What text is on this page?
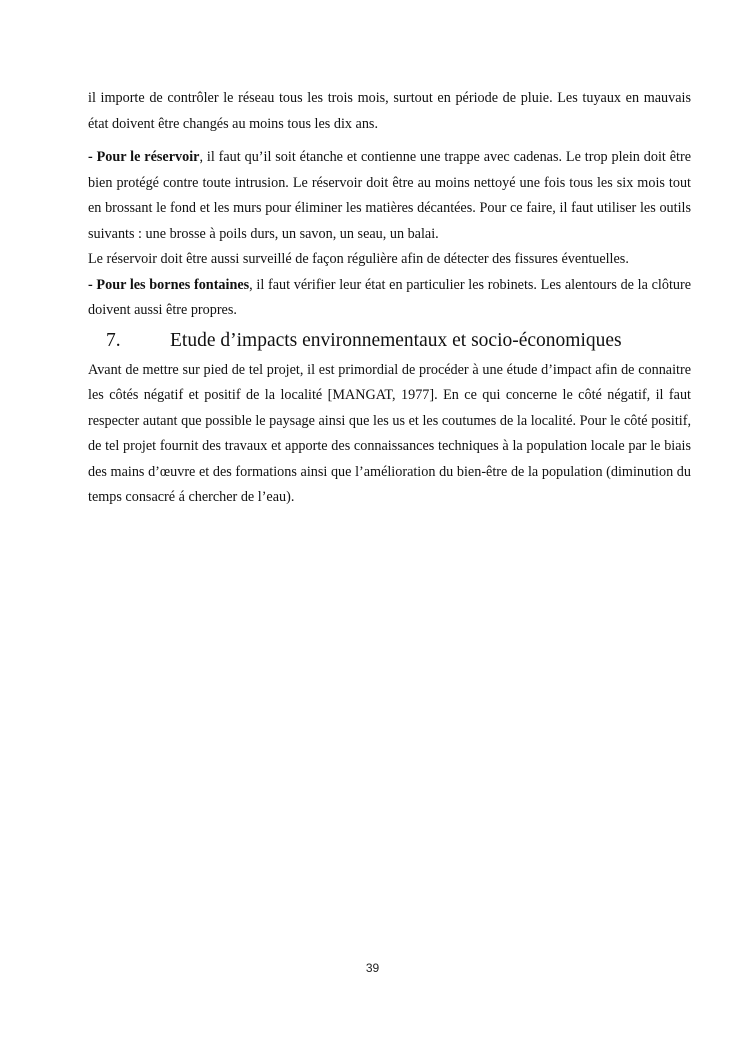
il importe de contrôler le réseau tous les trois mois, surtout en période de pluie. Les tuyaux en mauvais état doivent être changés au moins tous les dix ans.

- Pour le réservoir, il faut qu’il soit étanche et contienne une trappe avec cadenas. Le trop plein doit être bien protégé contre toute intrusion. Le réservoir doit être au moins nettoyé une fois tous les six mois tout en brossant le fond et les murs pour éliminer les matières décantées. Pour ce faire, il faut utiliser les outils suivants : une brosse à poils durs, un savon, un seau, un balai.

Le réservoir doit être aussi surveillé de façon régulière afin de détecter des fissures éventuelles.

- Pour les bornes fontaines, il faut vérifier leur état en particulier les robinets. Les alentours de la clôture doivent aussi être propres.

7.	Etude d’impacts environnementaux et socio-économiques

Avant de mettre sur pied de tel projet, il est primordial de procéder à une étude d’impact afin de connaitre les côtés négatif et positif de la localité [MANGAT, 1977]. En ce qui concerne le côté négatif, il faut respecter autant que possible le paysage ainsi que les us et les coutumes de la localité. Pour le côté positif, de tel projet fournit des travaux et apporte des connaissances techniques à la population locale par le biais des mains d’œuvre et des formations ainsi que l’amélioration du bien-être de la population (diminution du temps consacré á chercher de l’eau).

39
